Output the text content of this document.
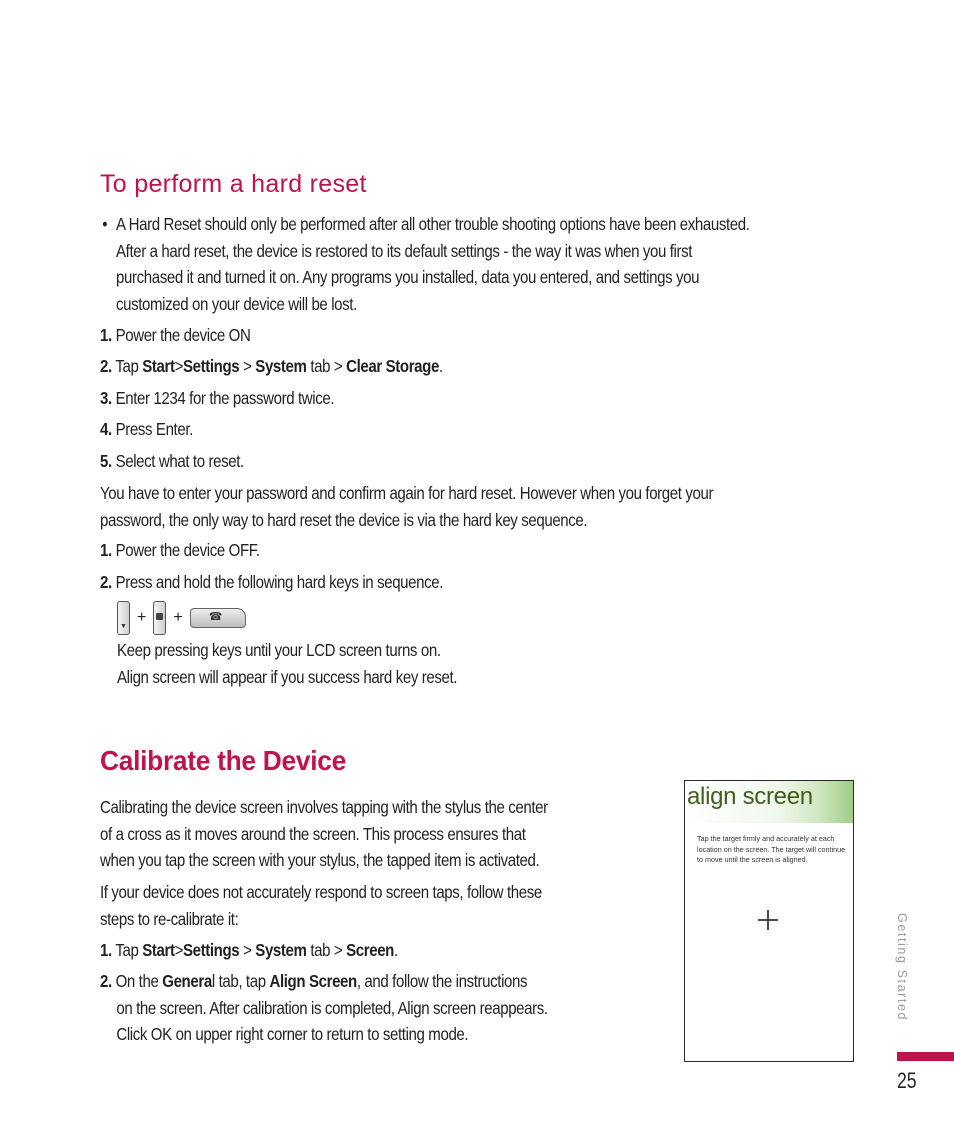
To perform a hard reset
• A Hard Reset should only be performed after all other trouble shooting options have been exhausted.
After a hard reset, the device is restored to its default settings - the way it was when you first
purchased it and turned it on. Any programs you installed, data you entered, and settings you
customized on your device will be lost.
1. Power the device ON
2. Tap Start>Settings > System tab > Clear Storage.
3. Enter 1234 for the password twice.
4. Press Enter.
5. Select what to reset.
You have to enter your password and confirm again for hard reset. However when you forget your
password, the only way to hard reset the device is via the hard key sequence.
1. Power the device OFF.
2. Press and hold the following hard keys in sequence.
▼
+ + ☎
Keep pressing keys until your LCD screen turns on.
Align screen will appear if you success hard key reset.
Calibrate the Device
Calibrating the device screen involves tapping with the stylus the center
of a cross as it moves around the screen. This process ensures that
when you tap the screen with your stylus, the tapped item is activated.
If your device does not accurately respond to screen taps, follow these
steps to re-calibrate it:
1. Tap Start>Settings > System tab > Screen.
2. On the General tab, tap Align Screen, and follow the instructions
on the screen. After calibration is completed, Align screen reappears.
Click OK on upper right corner to return to setting mode.
align screen
Tap the target firmly and accurately at each location on the screen. The target will continue to move until the screen is aligned.
Getting Started
25
